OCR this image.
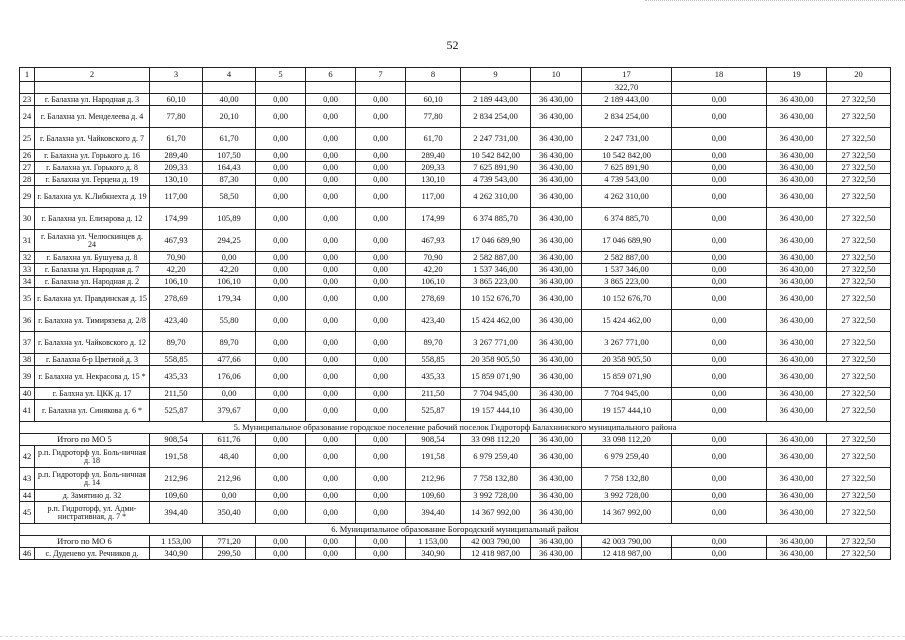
52
1	2	3	4	5	6	7	8	9	10	17	18	19	20
										322,70			
23	г. Балахна ул. Народная д. 3	60,10	40,00	0,00	0,00	0,00	60,10	2 189 443,00	36 430,00	2 189 443,00	0,00	36 430,00	27 322,50
24	г. Балахна ул. Менделеева д. 4	77,80	20,10	0,00	0,00	0,00	77,80	2 834 254,00	36 430,00	2 834 254,00	0,00	36 430,00	27 322,50
25	г. Балахна ул. Чайковского д. 7	61,70	61,70	0,00	0,00	0,00	61,70	2 247 731,00	36 430,00	2 247 731,00	0,00	36 430,00	27 322,50
26	г. Балахна ул. Горького д. 16	289,40	107,50	0,00	0,00	0,00	289,40	10 542 842,00	36 430,00	10 542 842,00	0,00	36 430,00	27 322,50
27	г. Балахна ул. Горького д. 8	209,33	164,43	0,00	0,00	0,00	209,33	7 625 891,90	36 430,00	7 625 891,90	0,00	36 430,00	27 322,50
28	г. Балахна ул. Герцена д. 19	130,10	87,30	0,00	0,00	0,00	130,10	4 739 543,00	36 430,00	4 739 543,00	0,00	36 430,00	27 322,50
29	г. Балахна ул. К.Либкнехта д. 19	117,00	58,50	0,00	0,00	0,00	117,00	4 262 310,00	36 430,00	4 262 310,00	0,00	36 430,00	27 322,50
30	г. Балахна ул. Елизарова д. 12	174,99	105,89	0,00	0,00	0,00	174,99	6 374 885,70	36 430,00	6 374 885,70	0,00	36 430,00	27 322,50
31	г. Балахна ул. Челюскинцев д. 24	467,93	294,25	0,00	0,00	0,00	467,93	17 046 689,90	36 430,00	17 046 689,90	0,00	36 430,00	27 322,50
32	г. Балахна ул. Бушуева д. 8	70,90	0,00	0,00	0,00	0,00	70,90	2 582 887,00	36 430,00	2 582 887,00	0,00	36 430,00	27 322,50
33	г. Балахна ул. Народная д. 7	42,20	42,20	0,00	0,00	0,00	42,20	1 537 346,00	36 430,00	1 537 346,00	0,00	36 430,00	27 322,50
34	г. Балахна ул. Народная д. 2	106,10	106,10	0,00	0,00	0,00	106,10	3 865 223,00	36 430,00	3 865 223,00	0,00	36 430,00	27 322,50
35	г. Балахна ул. Правдинская д. 15	278,69	179,34	0,00	0,00	0,00	278,69	10 152 676,70	36 430,00	10 152 676,70	0,00	36 430,00	27 322,50
36	г. Балахна ул. Тимирязева д. 2/8	423,40	55,80	0,00	0,00	0,00	423,40	15 424 462,00	36 430,00	15 424 462,00	0,00	36 430,00	27 322,50
37	г. Балахна ул. Чайковского д. 12	89,70	89,70	0,00	0,00	0,00	89,70	3 267 771,00	36 430,00	3 267 771,00	0,00	36 430,00	27 322,50
38	г. Балахна б-р Цветиой д. 3	558,85	477,66	0,00	0,00	0,00	558,85	20 358 905,50	36 430,00	20 358 905,50	0,00	36 430,00	27 322,50
39	г. Балахна ул. Некрасова д. 15 *	435,33	176,06	0,00	0,00	0,00	435,33	15 859 071,90	36 430,00	15 859 071,90	0,00	36 430,00	27 322,50
40	г. Балхна ул. ЦКК д. 17	211,50	0,00	0,00	0,00	0,00	211,50	7 704 945,00	36 430,00	7 704 945,00	0,00	36 430,00	27 322,50
41	г. Балахна ул. Синякова д. 6 *	525,87	379,67	0,00	0,00	0,00	525,87	19 157 444,10	36 430,00	19 157 444,10	0,00	36 430,00	27 322,50
5. Муниципальное образование городское поселение рабочий поселок Гидроторф Балахнинского муниципального района													
Итого по МО 5		908,54	611,76	0,00	0,00	0,00	908,54	33 098 112,20	36 430,00	33 098 112,20	0,00	36 430,00	27 322,50
42	р.п. Гидроторф ул. Боль-ничная д. 18	191,58	48,40	0,00	0,00	0,00	191,58	6 979 259,40	36 430,00	6 979 259,40	0,00	36 430,00	27 322,50
43	р.п. Гидроторф ул. Боль-ничная д. 14	212,96	212,96	0,00	0,00	0,00	212,96	7 758 132,80	36 430,00	7 758 132,80	0,00	36 430,00	27 322,50
44	д. Замятино д. 32	109,60	0,00	0,00	0,00	0,00	109,60	3 992 728,00	36 430,00	3 992 728,00	0,00	36 430,00	27 322,50
45	р.п. Гидроторф, ул. Адми-нистративная, д. 7 *	394,40	350,40	0,00	0,00	0,00	394,40	14 367 992,00	36 430,00	14 367 992,00	0,00	36 430,00	27 322,50
6. Муниципальное образование Богородский муниципальный район													
Итого по МО 6		1 153,00	771,20	0,00	0,00	0,00	1 153,00	42 003 790,00	36 430,00	42 003 790,00	0,00	36 430,00	27 322,50
46	с. Дуденево ул. Речников д.	340,90	299,50	0,00	0,00	0,00	340,90	12 418 987,00	36 430,00	12 418 987,00	0,00	36 430,00	27 322,50
